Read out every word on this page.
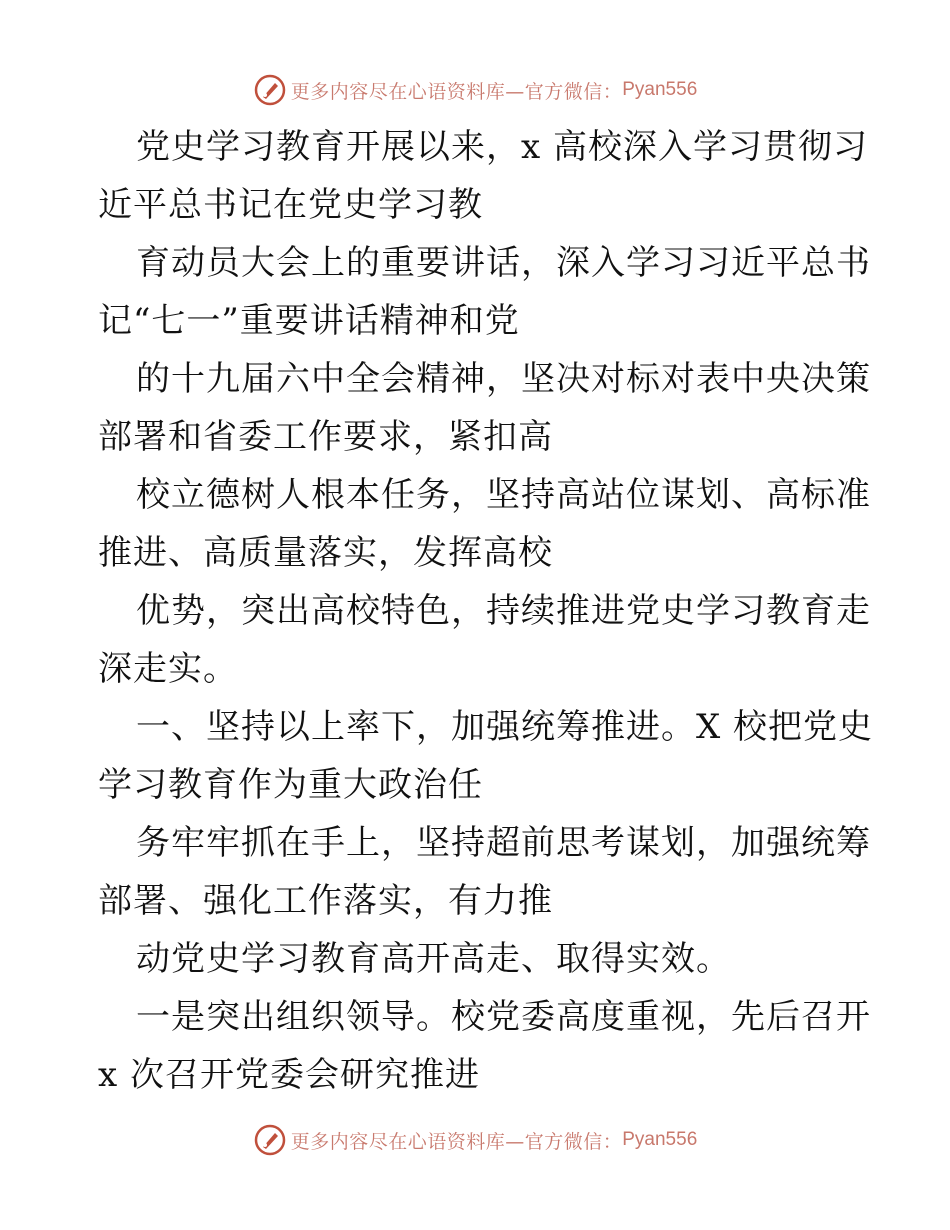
更多内容尽在心语资料库—官方微信： Pyan556
党史学习教育开展以来，x 高校深入学习贯彻习
近平总书记在党史学习教
育动员大会上的重要讲话，深入学习习近平总书
记“七一”重要讲话精神和党
的十九届六中全会精神，坚决对标对表中央决策
部署和省委工作要求，紧扣高
校立德树人根本任务，坚持高站位谋划、高标准
推进、高质量落实，发挥高校
优势，突出高校特色，持续推进党史学习教育走
深走实。
一、坚持以上率下，加强统筹推进。X 校把党史
学习教育作为重大政治任
务牢牢抓在手上，坚持超前思考谋划，加强统筹
部署、强化工作落实，有力推
动党史学习教育高开高走、取得实效。
一是突出组织领导。校党委高度重视，先后召开
x 次召开党委会研究推进
更多内容尽在心语资料库—官方微信： Pyan556
